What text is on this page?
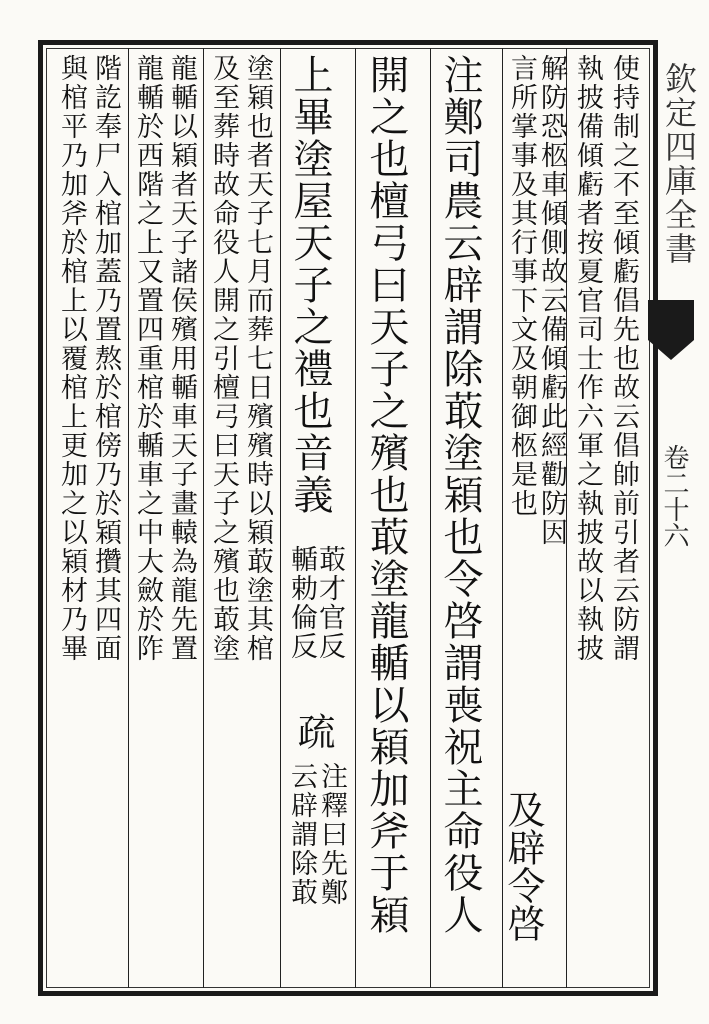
欽定四庫全書
卷二十六
使持制之不至傾虧倡先也故云倡帥前引者云防謂
執披備傾虧者按夏官司士作六軍之執披故以執披
解防恐柩車傾側故云備傾虧此經勸防因
言所掌事及其行事下文及朝御柩是也
及辟令啓
注鄭司農云辟謂除菆塗㯋也令啓謂喪祝主命役人
開之也檀弓曰天子之殯也菆塗龍輴以㯋加斧于㯋
上畢塗屋天子之禮也音義
菆才官反
輴勅倫反
疏
注釋曰先鄭
云辟謂除菆
塗㯋也者天子七月而葬七日殯殯時以㯋菆塗其棺
及至葬時故命役人開之引檀弓曰天子之殯也菆塗
龍輴以㯋者天子諸侯殯用輴車天子畫轅為龍先置
龍輴於西階之上又置四重棺於輴車之中大斂於阼
階訖奉尸入棺加蓋乃置熬於棺傍乃於㯋攢其四面
與棺平乃加斧於棺上以覆棺上更加之以㯋材乃畢
